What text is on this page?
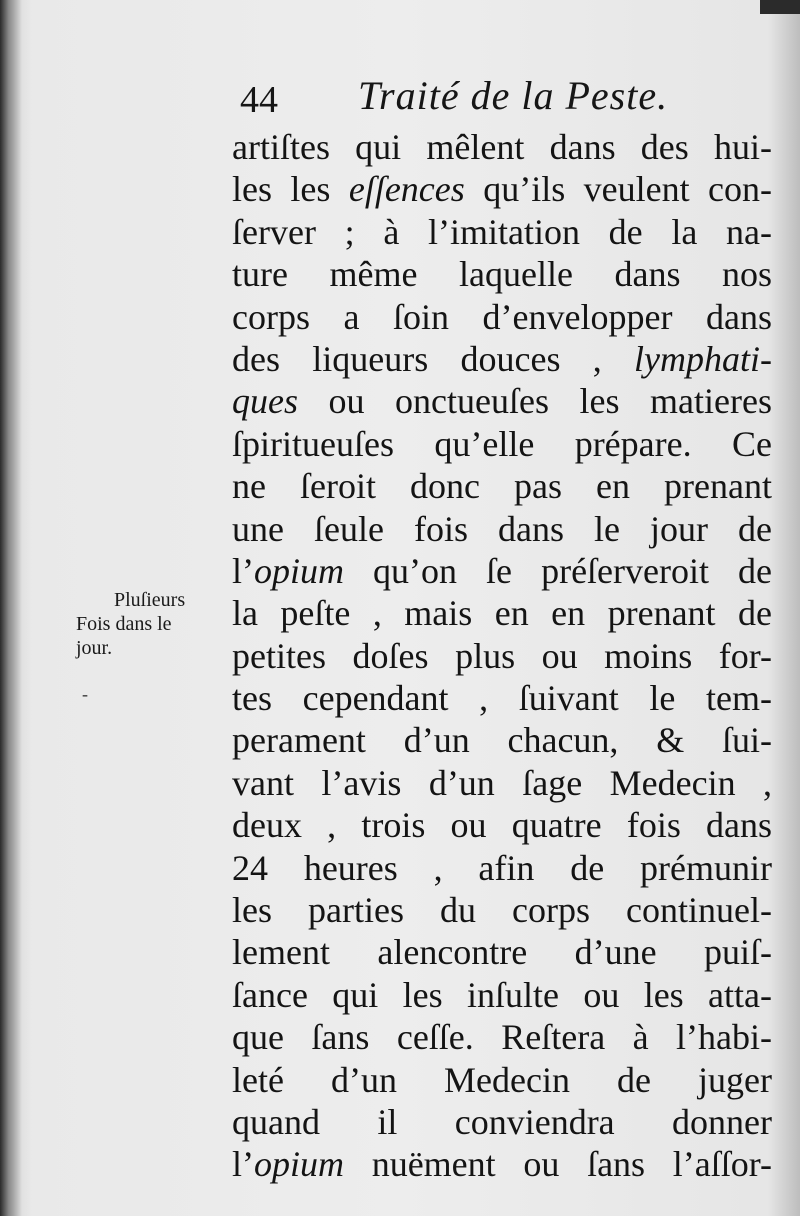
44 Traité de la Peste.
artiſtes qui mêlent dans des hui-
les les eſſences qu’ils veulent con-
ſerver ; à l’imitation de la na-
ture même laquelle dans nos
corps a ſoin d’envelopper dans
des liqueurs douces , lymphati-
ques ou onctueuſes les matieres
ſpiritueuſes qu’elle prépare. Ce
ne ſeroit donc pas en prenant
une ſeule fois dans le jour de
l’opium qu’on ſe préſerveroit de
la peſte , mais en en prenant de
petites doſes plus ou moins for-
tes cependant , ſuivant le tem-
perament d’un chacun, & ſui-
vant l’avis d’un ſage Medecin ,
deux , trois ou quatre fois dans
24 heures , afin de prémunir
les parties du corps continuel-
lement alencontre d’une puiſ-
ſance qui les inſulte ou les atta-
que ſans ceſſe. Reſtera à l’habi-
leté d’un Medecin de juger
quand il conviendra donner
l’opium nuëment ou ſans l’aſſor-
Pluſieurs
Fois dans le
jour.
-
